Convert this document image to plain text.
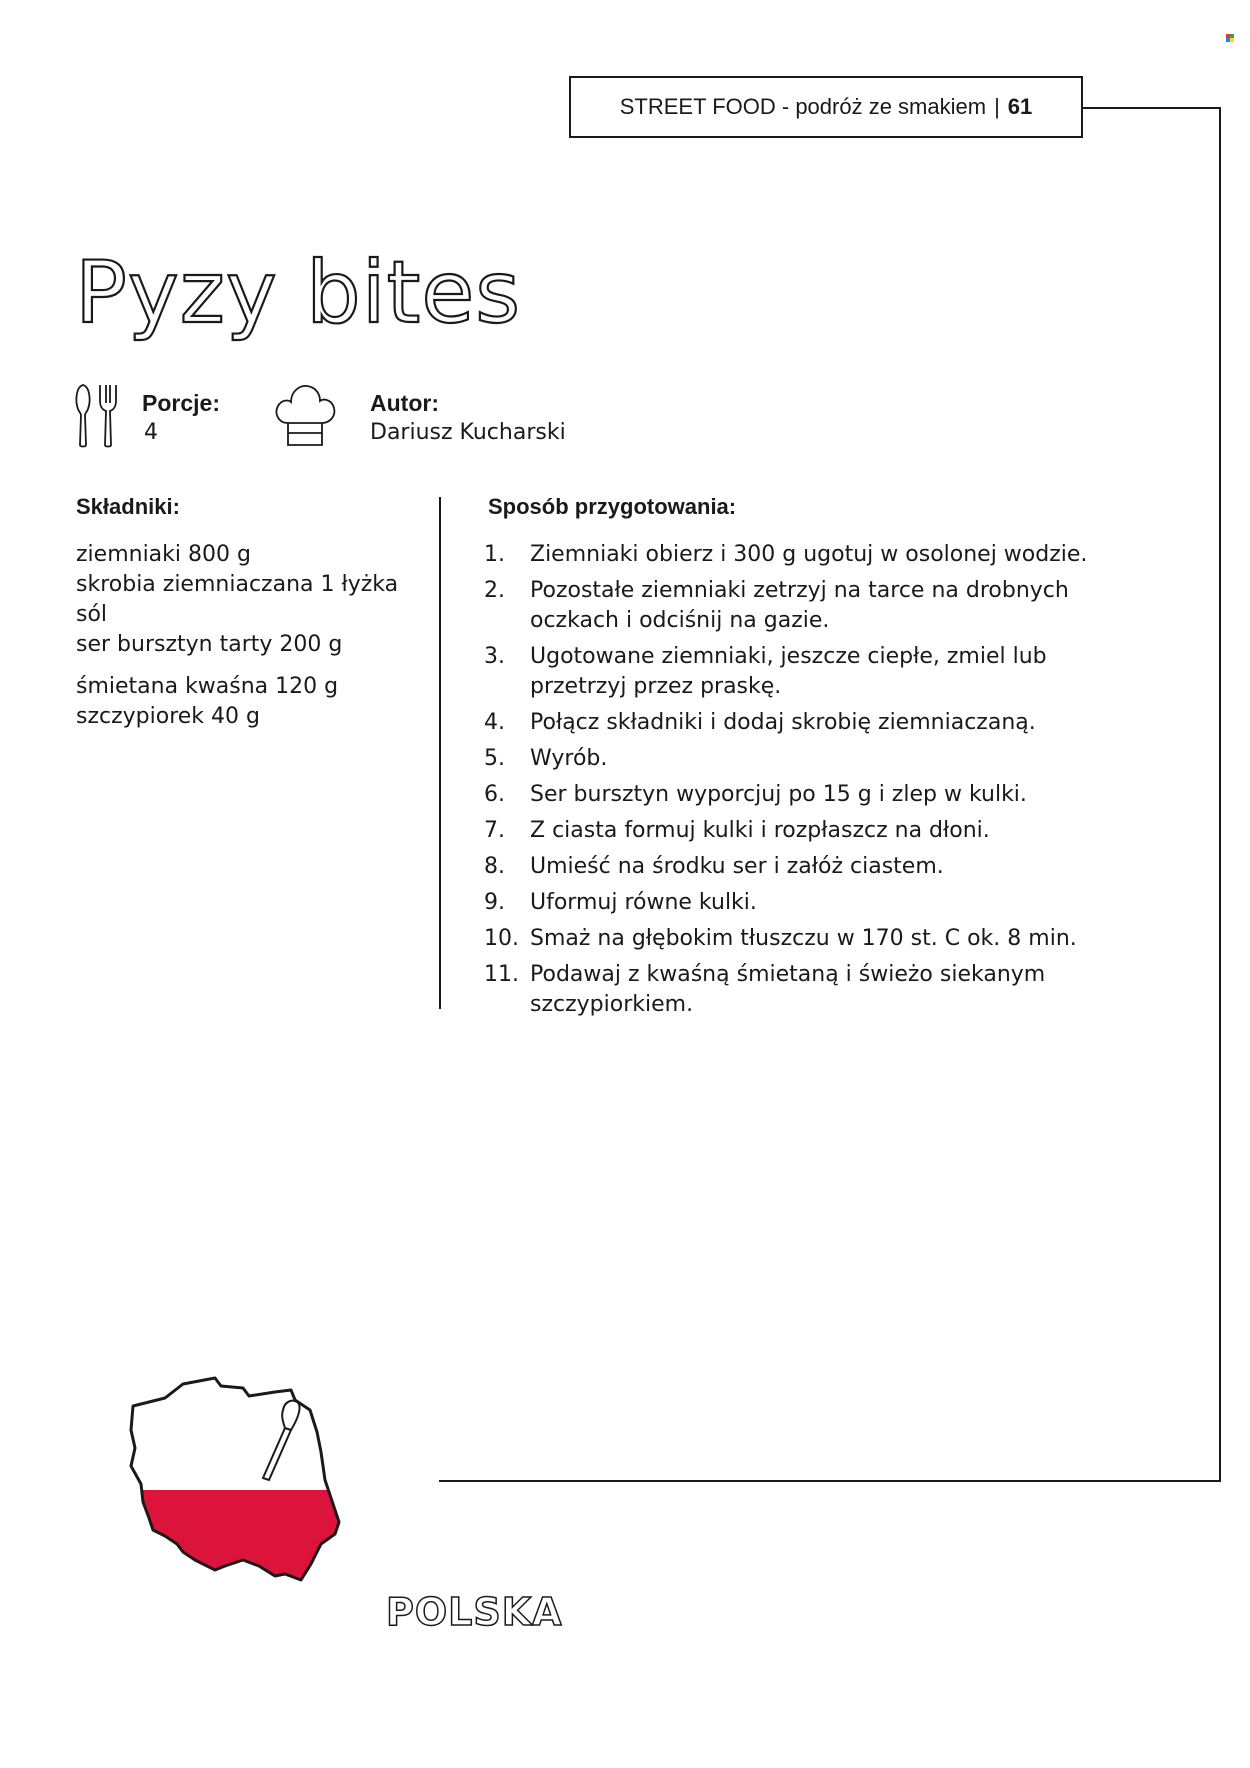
STREET FOOD - podróż ze smakiem | 61
Pyzy bites
Porcje:
4
Autor:
Dariusz Kucharski
Składniki:
ziemniaki 800 g
skrobia ziemniaczana 1 łyżka
sól
ser bursztyn tarty 200 g
śmietana kwaśna 120 g
szczypiorek 40 g
Sposób przygotowania:
1.	Ziemniaki obierz i 300 g ugotuj w osolonej wodzie.
2.	Pozostałe ziemniaki zetrzyj na tarce na drobnych oczkach i odciśnij na gazie.
3.	Ugotowane ziemniaki, jeszcze ciepłe, zmiel lub przetrzyj przez praskę.
4.	Połącz składniki i dodaj skrobię ziemniaczaną.
5.	Wyrób.
6.	Ser bursztyn wyporcjuj po 15 g i zlep w kulki.
7.	Z ciasta formuj kulki i rozpłaszcz na dłoni.
8.	Umieść na środku ser i załóż ciastem.
9.	Uformuj równe kulki.
10. Smaż na głębokim tłuszczu w 170 st. C ok. 8 min.
11. Podawaj z kwaśną śmietaną i świeżo siekanym szczypiorkiem.
POLSKA
